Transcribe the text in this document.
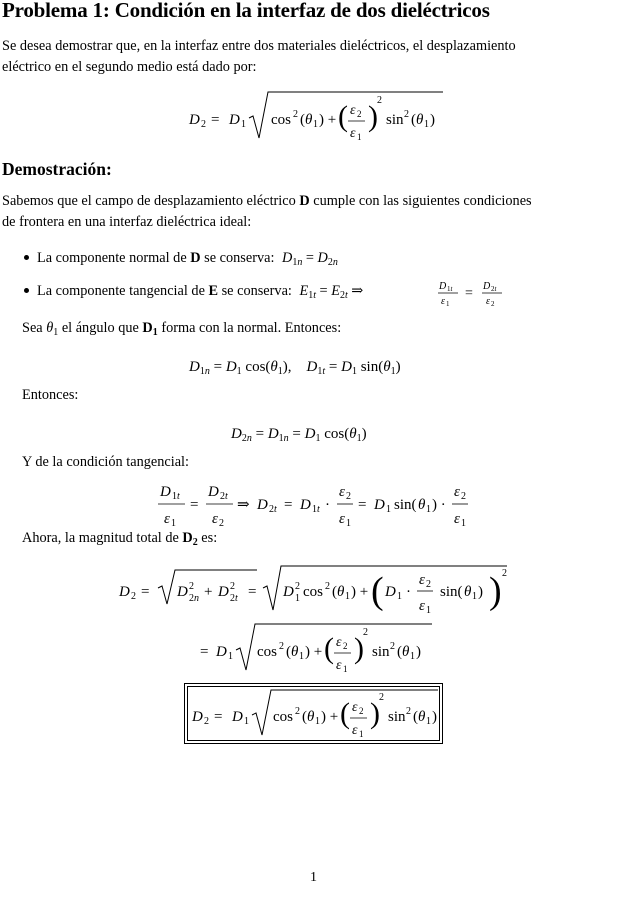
Problema 1: Condición en la interfaz de dos dieléctricos
Se desea demostrar que, en la interfaz entre dos materiales dieléctricos, el desplazamiento
eléctrico en el segundo medio está dado por:
D 2 = D 1 cos 2 ( θ 1 ) + ( ε 2
ε 1
) 2
sin 2 ( θ 1 )
Demostración:
Sabemos que el campo de desplazamiento eléctrico D cumple con las siguientes condiciones
de frontera en una interfaz dieléctrica ideal:
La componente normal de D se conserva: $D_{1n} = D_{2n}$
La componente tangencial de E se conserva: $E_{1t} = E_{2t}$ ⇒	D 1t
ε 1
= D 2t
ε 2
Sea $\theta_1$ el ángulo que $D_1$ forma con la normal. Entonces:
$D_{1n} = D_1$ $\cos(\theta_1)$,    $D_{1t} = D_1$ $\sin(\theta_1)$
Entonces:
$D_{2n} = D_{1n} = D_1$ $\cos(\theta_1)$
Y de la condición tangencial:
D 1t
ε 1
=
D 2t
ε 2
⇒ D 2t = D 1t ·
ε 2
ε 1
= D 1 sin( θ 1 ) ·
ε 2
ε 1
Ahora, la magnitud total de $D_2$ es:
D 2 = D 2
2n + D 2
2t = D 2
1 cos 2 ( θ 1 ) + ( D 1 ·
ε 2
ε 1
sin( θ 1 ) ) 2
= D 1 cos 2 ( θ 1 ) + ( ε 2
ε 1
) 2
sin 2 ( θ 1 )
D 2 = D 1 cos 2 ( θ 1 ) + ( ε 2
ε 1
) 2
sin 2 ( θ 1 )
1
